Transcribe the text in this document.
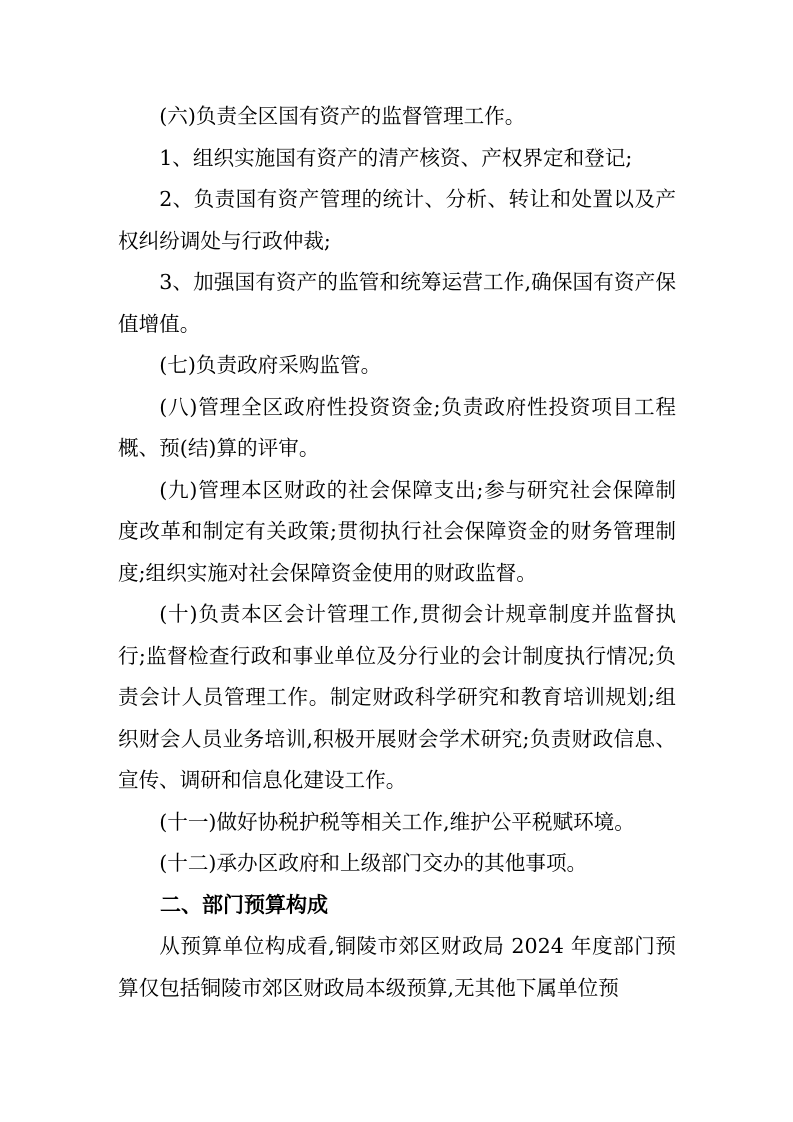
(六)负责全区国有资产的监督管理工作。

1、组织实施国有资产的清产核资、产权界定和登记;

2、负责国有资产管理的统计、分析、转让和处置以及产权纠纷调处与行政仲裁;

3、加强国有资产的监管和统筹运营工作,确保国有资产保值增值。

(七)负责政府采购监管。

(八)管理全区政府性投资资金;负责政府性投资项目工程概、预(结)算的评审。

(九)管理本区财政的社会保障支出;参与研究社会保障制度改革和制定有关政策;贯彻执行社会保障资金的财务管理制度;组织实施对社会保障资金使用的财政监督。

(十)负责本区会计管理工作,贯彻会计规章制度并监督执行;监督检查行政和事业单位及分行业的会计制度执行情况;负责会计人员管理工作。制定财政科学研究和教育培训规划;组织财会人员业务培训,积极开展财会学术研究;负责财政信息、宣传、调研和信息化建设工作。

(十一)做好协税护税等相关工作,维护公平税赋环境。

(十二)承办区政府和上级部门交办的其他事项。

二、部门预算构成

从预算单位构成看,铜陵市郊区财政局 2024 年度部门预算仅包括铜陵市郊区财政局本级预算,无其他下属单位预
